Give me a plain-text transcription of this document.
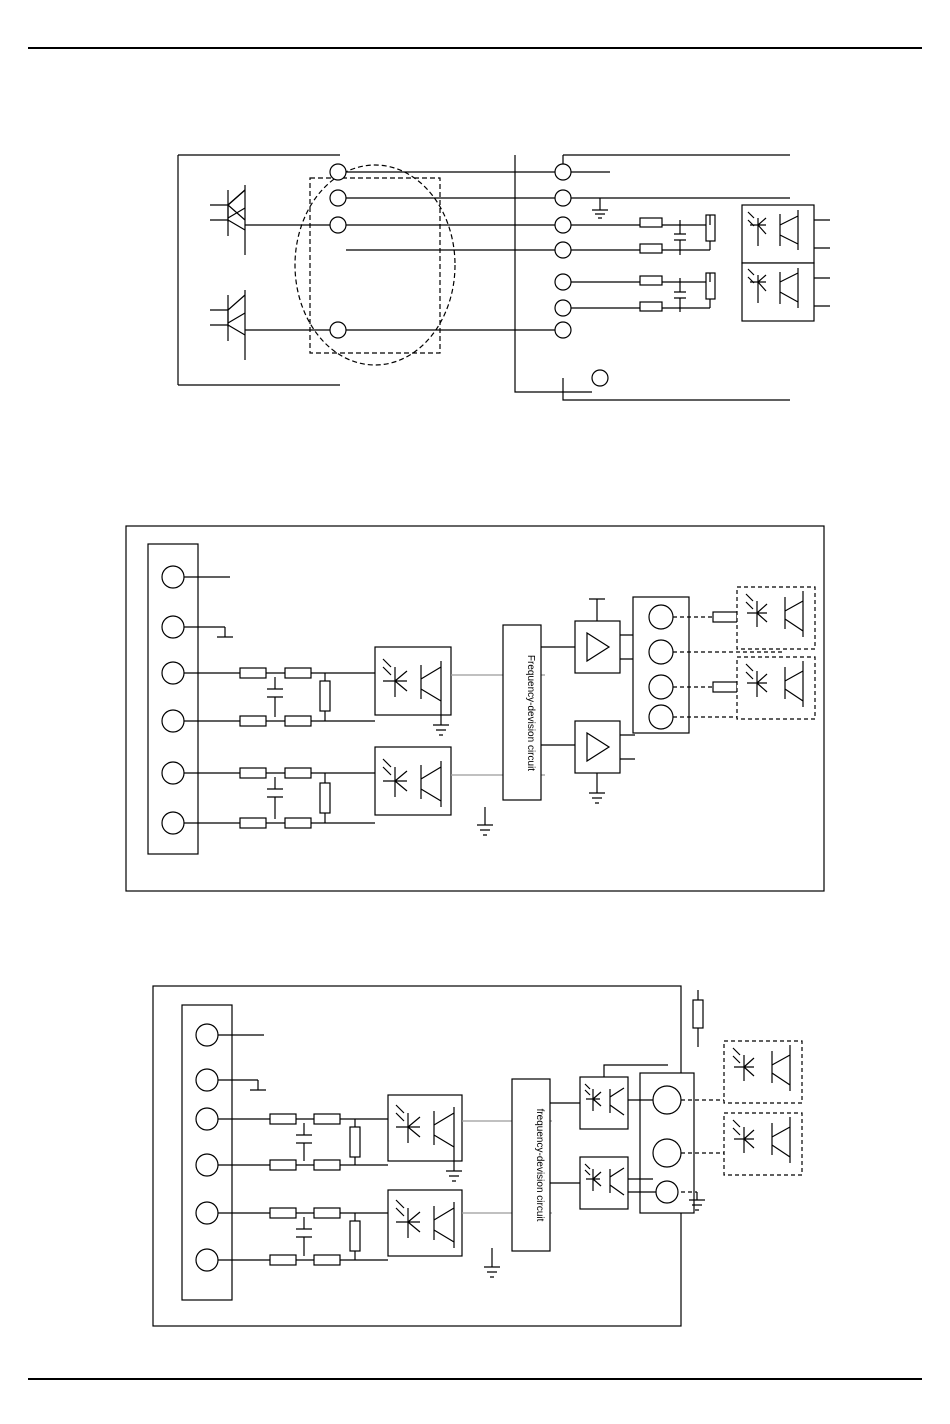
Frequency-devision circuit
frequency-devision circuit
